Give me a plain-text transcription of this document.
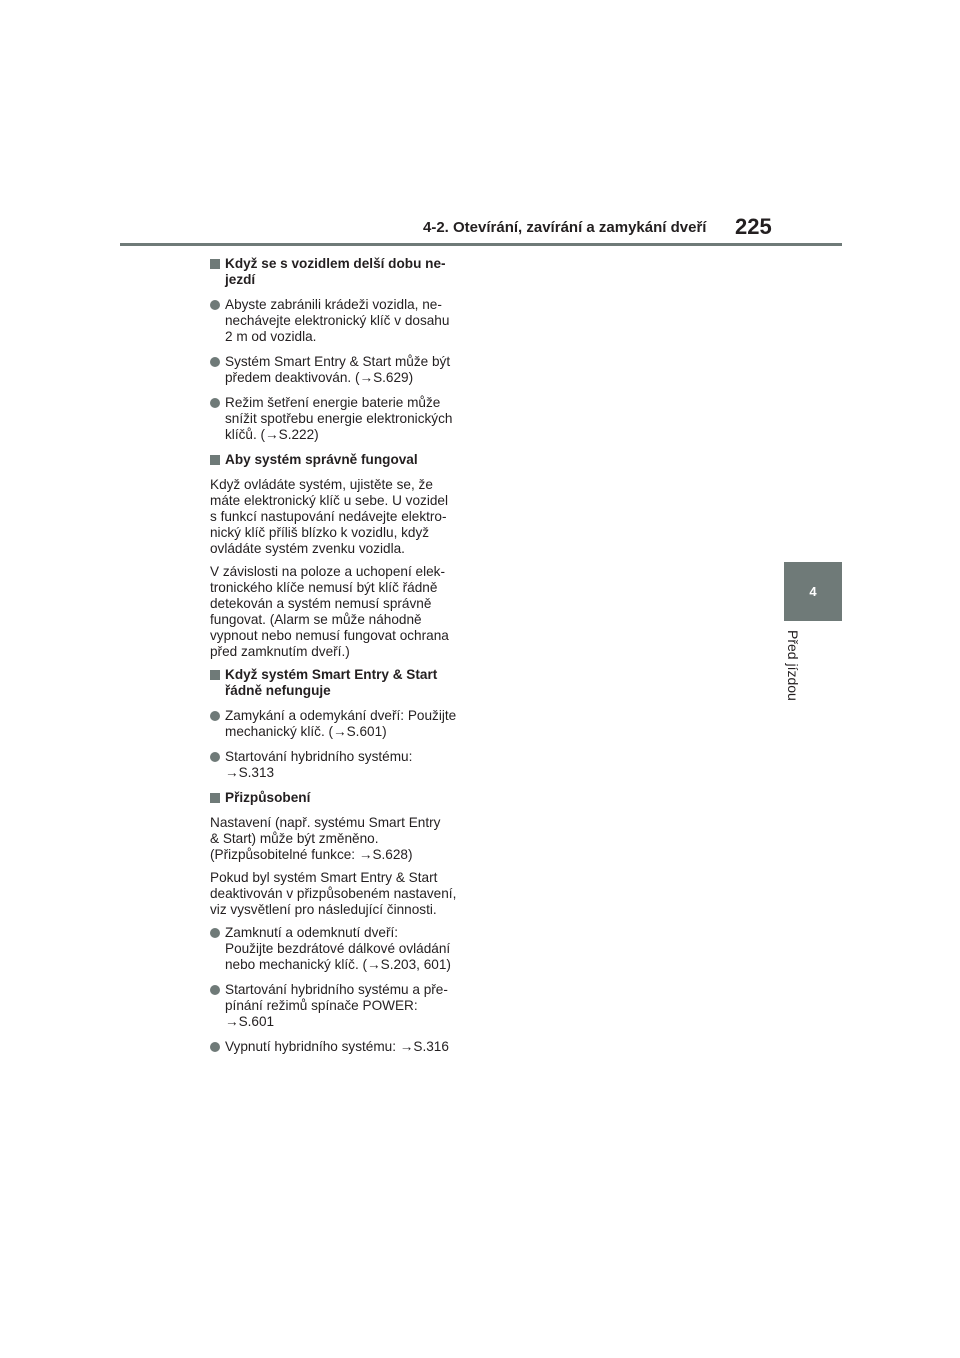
4-2. Otevírání, zavírání a zamykání dveří 225
4
Před jízdou
Když se s vozidlem delší dobu ne-
jezdí
Abyste zabránili krádeži vozidla, ne-
nechávejte elektronický klíč v dosahu
2 m od vozidla.
Systém Smart Entry & Start může být
předem deaktivován. (→S.629)
Režim šetření energie baterie může
snížit spotřebu energie elektronických
klíčů. (→S.222)
Aby systém správně fungoval
Když ovládáte systém, ujistěte se, že
máte elektronický klíč u sebe. U vozidel
s funkcí nastupování nedávejte elektro-
nický klíč příliš blízko k vozidlu, když
ovládáte systém zvenku vozidla.
V závislosti na poloze a uchopení elek-
tronického klíče nemusí být klíč řádně
detekován a systém nemusí správně
fungovat. (Alarm se může náhodně
vypnout nebo nemusí fungovat ochrana
před zamknutím dveří.)
Když systém Smart Entry & Start
řádně nefunguje
Zamykání a odemykání dveří: Použijte
mechanický klíč. (→S.601)
Startování hybridního systému:
→S.313
Přizpůsobení
Nastavení (např. systému Smart Entry
& Start) může být změněno.
(Přizpůsobitelné funkce: →S.628)
Pokud byl systém Smart Entry & Start
deaktivován v přizpůsobeném nastavení,
viz vysvětlení pro následující činnosti.
Zamknutí a odemknutí dveří:
Použijte bezdrátové dálkové ovládání
nebo mechanický klíč. (→S.203, 601)
Startování hybridního systému a pře-
pínání režimů spínače POWER:
→S.601
Vypnutí hybridního systému: →S.316
